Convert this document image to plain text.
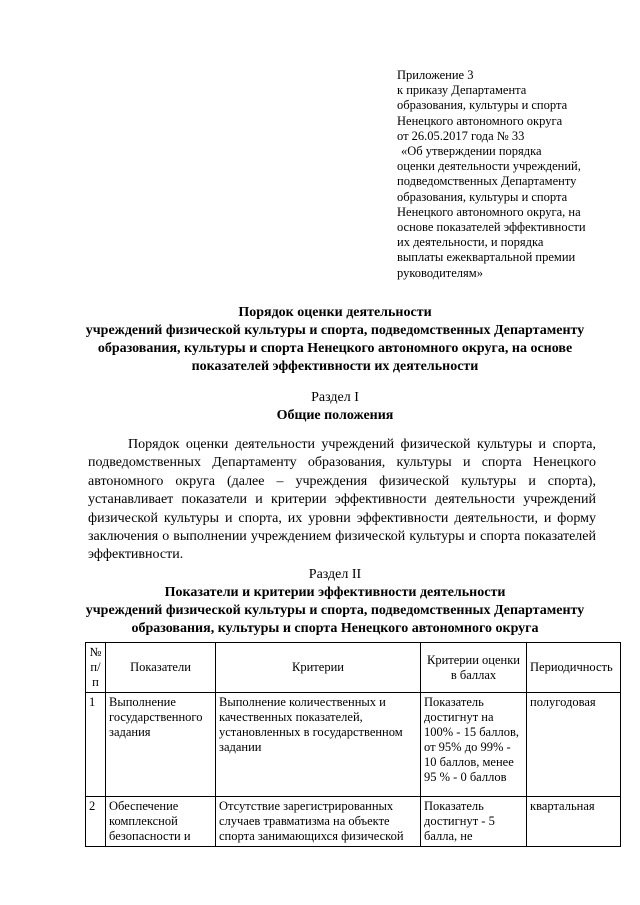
Приложение 3
к приказу Департамента
образования, культуры и спорта
Ненецкого автономного округа
от 26.05.2017 года № 33
«Об утверждении порядка
оценки деятельности учреждений,
подведомственных Департаменту
образования, культуры и спорта
Ненецкого автономного округа, на
основе показателей эффективности
их деятельности, и порядка
выплаты ежеквартальной премии
руководителям»
Порядок оценки деятельности
учреждений физической культуры и спорта, подведомственных Департаменту
образования, культуры и спорта Ненецкого автономного округа, на основе
показателей эффективности их деятельности
Раздел I
Общие положения

Порядок оценки деятельности учреждений физической культуры и спорта, подведомственных Департаменту образования, культуры и спорта Ненецкого автономного округа (далее – учреждения физической культуры и спорта), устанавливает показатели и критерии эффективности деятельности учреждений физической культуры и спорта, их уровни эффективности деятельности, и форму заключения о выполнении учреждением физической культуры и спорта показателей эффективности.

Раздел II
Показатели и критерии эффективности деятельности
учреждений физической культуры и спорта, подведомственных Департаменту
образования, культуры и спорта Ненецкого автономного округа
№ п/п	Показатели	Критерии	Критерии оценки в баллах	Периодичность
1	Выполнение государственного задания	Выполнение количественных и качественных показателей, установленных в государственном задании	Показатель достигнут на 100% - 15 баллов, от 95% до 99% - 10 баллов, менее 95 % - 0 баллов	полугодовая
2	Обеспечение комплексной безопасности и	Отсутствие зарегистрированных случаев травматизма на объекте спорта занимающихся физической	Показатель достигнут - 5 балла, не	квартальная
